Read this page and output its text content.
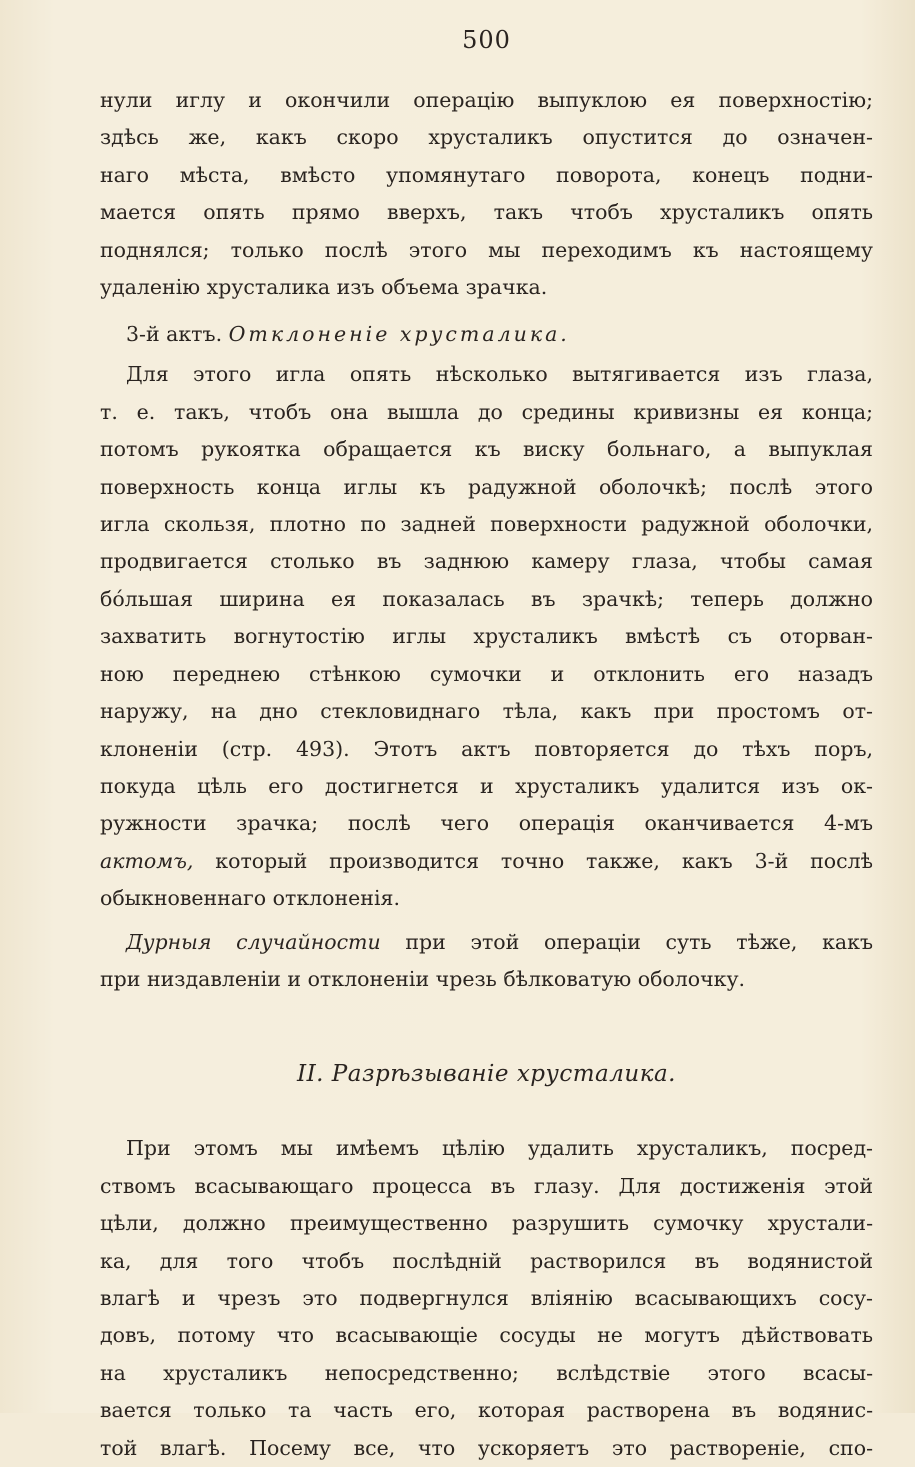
500

нули иглу и окончили операцію выпуклою ея поверхностію;
здѣсь же, какъ скоро хрусталикъ опустится до означен-
наго мѣста, вмѣсто упомянутаго поворота, конецъ подни-
мается опять прямо вверхъ, такъ чтобъ хрусталикъ опять
поднялся; только послѣ этого мы переходимъ къ настоящему
удаленію хрусталика изъ объема зрачка.

3-й актъ. Отклоненіе хрусталика.

Для этого игла опять нѣсколько вытягивается изъ глаза,
т. е. такъ, чтобъ она вышла до средины кривизны ея конца;
потомъ рукоятка обращается къ виску больнаго, а выпуклая
поверхность конца иглы къ радужной оболочкѣ; послѣ этого
игла скользя, плотно по задней поверхности радужной оболочки,
продвигается столько въ заднюю камеру глаза, чтобы самая
бóльшая ширина ея показалась въ зрачкѣ; теперь должно
захватить вогнутостію иглы хрусталикъ вмѣстѣ съ оторван-
ною переднею стѣнкою сумочки и отклонить его назадъ
наружу, на дно стекловиднаго тѣла, какъ при простомъ от-
клоненіи (стр. 493). Этотъ актъ повторяется до тѣхъ поръ,
покуда цѣль его достигнется и хрусталикъ удалится изъ ок-
ружности зрачка; послѣ чего операція оканчивается 4-мъ
актомъ, который производится точно также, какъ 3-й послѣ
обыкновеннаго отклоненія.

Дурныя случайности при этой операціи суть тѣже, какъ
при низдавленіи и отклоненіи чрезь бѣлковатую оболочку.

II. Разрѣзываніе хрусталика.

При этомъ мы имѣемъ цѣлію удалить хрусталикъ, посред-
ствомъ всасывающаго процесса въ глазу. Для достиженія этой
цѣли, должно преимущественно разрушить сумочку хрустали-
ка, для того чтобъ послѣдній растворился въ водянистой
влагѣ и чрезъ это подвергнулся вліянію всасывающихъ сосу-
довъ, потому что всасывающіе сосуды не могутъ дѣйствовать
на хрусталикъ непосредственно; вслѣдствіе этого всасы-
вается только та часть его, которая растворена въ водянис-
той влагѣ. Посему все, что ускоряетъ это раствореніе, спо-
